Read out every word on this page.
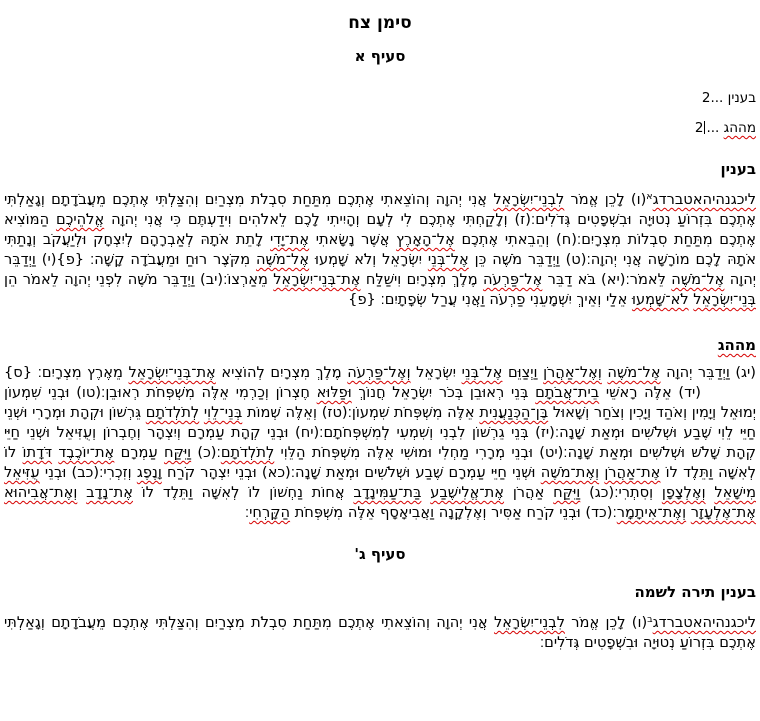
סימן צח
סעיף א
בענין ...2
מההג ...2
בענין
ליכגנהיהאטברדג$^א$(ו) לָכֵן אֱמֹר לִבְנֵי־יִשְׂרָאֵל אֲנִי יְהוָה וְהוֹצֵאתִי אֶתְכֶם מִתַּחַת סִבְלֹת מִצְרַיִם וְהִצַּלְתִּי אֶתְכֶם מֵעֲבֹדָתָם וְגָאַלְתִּי אֶתְכֶם בִּזְרוֹעַ נְטוּיָה וּבִשְׁפָטִים גְּדֹלִים׃(ז) וְלָקַחְתִּי אֶתְכֶם לִי לְעָם וְהָיִיתִי לָכֶם לֵאלֹהִים וִידַעְתֶּם כִּי אֲנִי יְהוָה אֱלֹהֵיכֶם הַמּוֹצִיא אֶתְכֶם מִתַּחַת סִבְלוֹת מִצְרָיִם׃(ח) וְהֵבֵאתִי אֶתְכֶם אֶל־הָאָרֶץ אֲשֶׁר נָשָׂאתִי אֶת־יָדִי לָתֵת אֹתָהּ לְאַבְרָהָם לְיִצְחָק וּלְיַעֲקֹב וְנָתַתִּי אֹתָהּ לָכֶם מוֹרָשָׁה אֲנִי יְהוָה׃(ט) וַיְדַבֵּר מֹשֶׁה כֵּן אֶל־בְּנֵי יִשְׂרָאֵל וְלֹא שָׁמְעוּ אֶל־מֹשֶׁה מִקֹּצֶר רוּחַ וּמֵעֲבֹדָה קָשָׁה׃ {פ}(י) וַיְדַבֵּר יְהוָה אֶל־מֹשֶׁה לֵּאמֹר׃(יא) בֹּא דַבֵּר אֶל־פַּרְעֹה מֶלֶךְ מִצְרָיִם וִישַׁלַּח אֶת־בְּנֵי־יִשְׂרָאֵל מֵאַרְצוֹ׃(יב) וַיְדַבֵּר מֹשֶׁה לִפְנֵי יְהוָה לֵאמֹר הֵן בְּנֵי־יִשְׂרָאֵל לֹא־שָׁמְעוּ אֵלַי וְאֵיךְ יִשְׁמָעֵנִי פַרְעֹה וַאֲנִי עֲרַל שְׂפָתָיִם׃ {פ}
מההג
(יג) וַיְדַבֵּר יְהוָה אֶל־מֹשֶׁה וְאֶל־אַהֲרֹן וַיְצַוֵּם אֶל־בְּנֵי יִשְׂרָאֵל וְאֶל־פַּרְעֹה מֶלֶךְ מִצְרָיִם לְהוֹצִיא אֶת־בְּנֵי־יִשְׂרָאֵל מֵאֶרֶץ מִצְרָיִם׃ {ס}(יד) אֵלֶּה רָאשֵׁי בֵית־אֲבֹתָם בְּנֵי רְאוּבֵן בְּכֹר יִשְׂרָאֵל חֲנוֹךְ וּפַלּוּא חֶצְרוֹן וְכַרְמִי אֵלֶּה מִשְׁפְּחֹת רְאוּבֵן׃(טו) וּבְנֵי שִׁמְעוֹן יְמוּאֵל וְיָמִין וְאֹהַד וְיָכִין וְצֹחַר וְשָׁאוּל בֶּן־הַכְּנַעֲנִית אֵלֶּה מִשְׁפְּחֹת שִׁמְעוֹן׃(טז) וְאֵלֶּה שְׁמוֹת בְּנֵי־לֵוִי לְתֹלְדֹתָם גֵּרְשׁוֹן וּקְהָת וּמְרָרִי וּשְׁנֵי חַיֵּי לֵוִי שֶׁבַע וּשְׁלֹשִׁים וּמְאַת שָׁנָה׃(יז) בְּנֵי גֵרְשׁוֹן לִבְנִי וְשִׁמְעִי לְמִשְׁפְּחֹתָם׃(יח) וּבְנֵי קְהָת עַמְרָם וְיִצְהָר וְחֶבְרוֹן וְעֻזִּיאֵל וּשְׁנֵי חַיֵּי קְהָת שָׁלֹשׁ וּשְׁלֹשִׁים וּמְאַת שָׁנָה׃(יט) וּבְנֵי מְרָרִי מַחְלִי וּמוּשִׁי אֵלֶּה מִשְׁפְּחֹת הַלֵּוִי לְתֹלְדֹתָם׃(כ) וַיִּקַּח עַמְרָם אֶת־יוֹכֶבֶד דֹּדָתוֹ לוֹ לְאִשָּׁה וַתֵּלֶד לוֹ אֶת־אַהֲרֹן וְאֶת־מֹשֶׁה וּשְׁנֵי חַיֵּי עַמְרָם שֶׁבַע וּשְׁלֹשִׁים וּמְאַת שָׁנָה׃(כא) וּבְנֵי יִצְהָר קֹרַח וָנֶפֶג וְזִכְרִי׃(כב) וּבְנֵי עֻזִּיאֵל מִישָׁאֵל וְאֶלְצָפָן וְסִתְרִי׃(כג) וַיִּקַּח אַהֲרֹן אֶת־אֱלִישֶׁבַע בַּת־עַמִּינָדָב אֲחוֹת נַחְשׁוֹן לוֹ לְאִשָּׁה וַתֵּלֶד לוֹ אֶת־נָדָב וְאֶת־אֲבִיהוּא אֶת־אֶלְעָזָר וְאֶת־אִיתָמָר׃(כד) וּבְנֵי קֹרַח אַסִּיר וְאֶלְקָנָה וַאֲבִיאָסָף אֵלֶּה מִשְׁפְּחֹת הַקָּרְחִי׃
סעיף ג'
בענין תירה לשמה
ליכגנהיהאטברדג$^ב$(ו) לָכֵן אֱמֹר לִבְנֵי־יִשְׂרָאֵל אֲנִי יְהוָה וְהוֹצֵאתִי אֶתְכֶם מִתַּחַת סִבְלֹת מִצְרַיִם וְהִצַּלְתִּי אֶתְכֶם מֵעֲבֹדָתָם וְגָאַלְתִּי אֶתְכֶם בִּזְרוֹעַ נְטוּיָה וּבִשְׁפָטִים גְּדֹלִים׃
